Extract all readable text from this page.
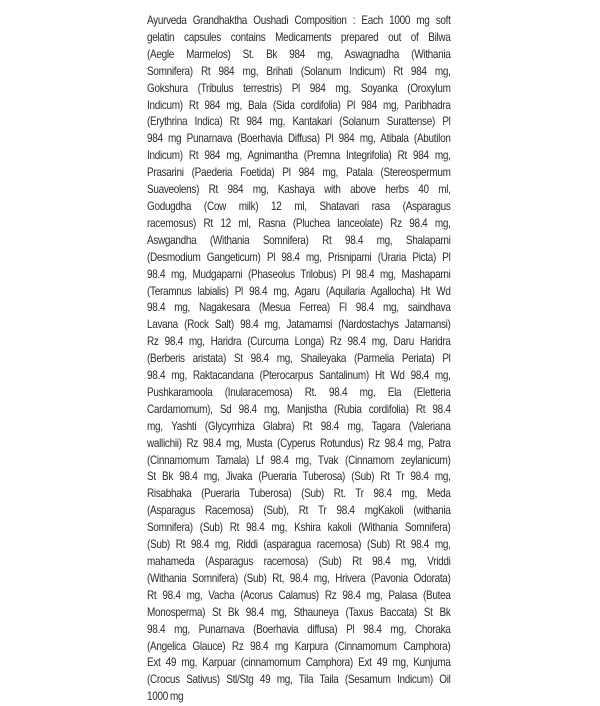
Ayurveda Grandhaktha Oushadi Composition : Each 1000 mg soft
gelatin capsules contains Medicaments prepared out of Bilwa
(Aegle Marmelos) St. Bk 984 mg, Aswagnadha (Withania
Somnifera) Rt 984 mg, Brihati (Solanum Indicum) Rt 984 mg,
Gokshura (Tribulus terrestris) Pl 984 mg, Soyanka (Oroxylum
Indicum) Rt 984 mg, Bala (Sida cordifolia) Pl 984 mg, Paribhadra
(Erythrina Indica) Rt 984 mg, Kantakari (Solanum Surattense) Pl
984 mg Punarnava (Boerhavia Diffusa) Pl 984 mg, Atibala (Abutilon
Indicum) Rt 984 mg, Agnimantha (Premna Integrifolia) Rt 984 mg,
Prasarini (Paederia Foetida) Pl 984 mg, Patala (Stereospermum
Suaveolens) Rt 984 mg, Kashaya with above herbs 40 ml,
Godugdha (Cow milk) 12 ml, Shatavari rasa (Asparagus
racemosus) Rt 12 ml, Rasna (Pluchea lanceolate) Rz 98.4 mg,
Aswgandha (Withania Somnifera) Rt 98.4 mg, Shalaparni
(Desmodium Gangeticum) Pl 98.4 mg, Prisnipami (Uraria Picta) Pl
98.4 mg, Mudgaparni (Phaseolus Trilobus) Pl 98.4 mg, Mashaparni
(Teramnus labialis) Pl 98.4 mg, Agaru (Aquilaria Agallocha) Ht Wd
98.4 mg, Nagakesara (Mesua Ferrea) Fl 98.4 mg, saindhava
Lavana (Rock Salt) 98.4 mg, Jatamamsi (Nardostachys Jatamansi)
Rz 98.4 mg, Haridra (Curcuma Longa) Rz 98.4 mg, Daru Haridra
(Berberis aristata) St 98.4 mg, Shaileyaka (Parmelia Periata) Pl
98.4 mg, Raktacandana (Pterocarpus Santalinum) Ht Wd 98.4 mg,
Pushkaramoola (Inularacemosa) Rt. 98.4 mg, Ela (Eletteria
Cardamomum), Sd 98.4 mg, Manjistha (Rubia cordifolia) Rt 98.4
mg, Yashti (Glycyrrhiza Glabra) Rt 98.4 mg, Tagara (Valeriana
wallichii) Rz 98.4 mg, Musta (Cyperus Rotundus) Rz 98.4 mg, Patra
(Cinnamomum Tamala) Lf 98.4 mg, Tvak (Cinnamom zeylanicum)
St Bk 98.4 mg, Jivaka (Pueraria Tuberosa) (Sub) Rt Tr 98.4 mg,
Risabhaka (Pueraria Tuberosa) (Sub) Rt. Tr 98.4 mg, Meda
(Asparagus Racemosa) (Sub), Rt Tr 98.4 mgKakoli (withania
Somnifera) (Sub) Rt 98.4 mg, Kshira kakoli (Withania Somnifera)
(Sub) Rt 98.4 mg, Riddi (asparagua racemosa) (Sub) Rt 98.4 mg,
mahameda (Asparagus racemosa) (Sub) Rt 98.4 mg, Vriddi
(Withania Somnifera) (Sub) Rt, 98.4 mg, Hrivera (Pavonia Odorata)
Rt 98.4 mg, Vacha (Acorus Calamus) Rz 98.4 mg, Palasa (Butea
Monosperma) St Bk 98.4 mg, Sthauneya (Taxus Baccata) St Bk
98.4 mg, Punarnava (Boerhavia diffusa) Pl 98.4 mg, Choraka
(Angelica Glauce) Rz 98.4 mg Karpura (Cinnamomum Camphora)
Ext 49 mg, Karpuar (cinnamomum Camphora) Ext 49 mg, Kunjuma
(Crocus Sativus) Stl/Stg 49 mg, Tila Taila (Sesamum Indicum) Oil
1000 mg
